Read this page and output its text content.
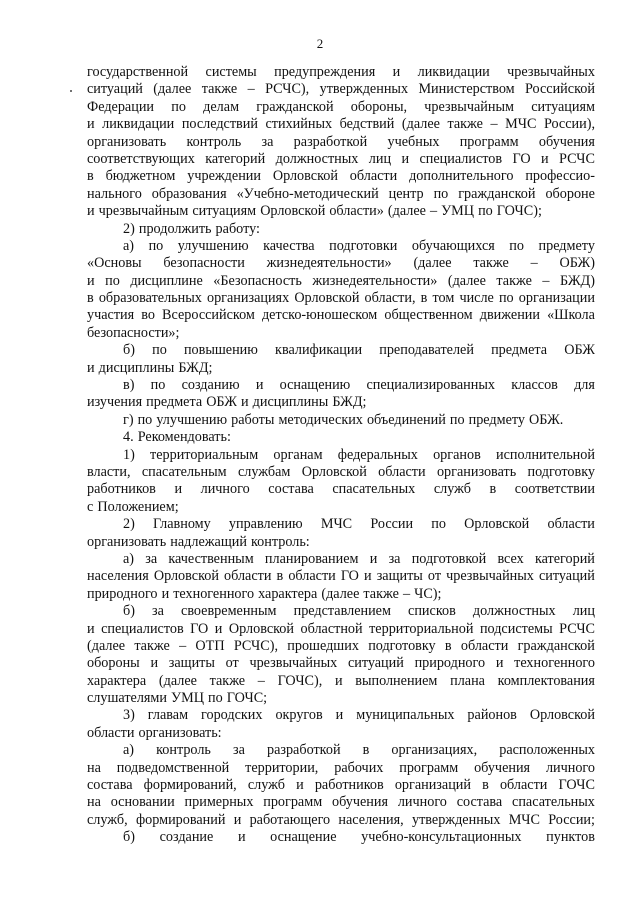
2
государственной системы предупреждения и ликвидации чрезвычайных
ситуаций (далее также – РСЧС), утвержденных Министерством Российской
Федерации по делам гражданской обороны, чрезвычайным ситуациям
и ликвидации последствий стихийных бедствий (далее также – МЧС России),
организовать контроль за разработкой учебных программ обучения
соответствующих категорий должностных лиц и специалистов ГО и РСЧС
в бюджетном учреждении Орловской области дополнительного профессио-
нального образования «Учебно-методический центр по гражданской обороне
и чрезвычайным ситуациям Орловской области» (далее – УМЦ по ГОЧС);
2) продолжить работу:
а) по улучшению качества подготовки обучающихся по предмету
«Основы безопасности жизнедеятельности» (далее также – ОБЖ)
и по дисциплине «Безопасность жизнедеятельности» (далее также – БЖД)
в образовательных организациях Орловской области, в том числе по организации
участия во Всероссийском детско-юношеском общественном движении «Школа
безопасности»;
б) по повышению квалификации преподавателей предмета ОБЖ
и дисциплины БЖД;
в) по созданию и оснащению специализированных классов для
изучения предмета ОБЖ и дисциплины БЖД;
г) по улучшению работы методических объединений по предмету ОБЖ.
4. Рекомендовать:
1) территориальным органам федеральных органов исполнительной
власти, спасательным службам Орловской области организовать подготовку
работников и личного состава спасательных служб в соответствии
с Положением;
2) Главному управлению МЧС России по Орловской области
организовать надлежащий контроль:
а) за качественным планированием и за подготовкой всех категорий
населения Орловской области в области ГО и защиты от чрезвычайных ситуаций
природного и техногенного характера (далее также – ЧС);
б) за своевременным представлением списков должностных лиц
и специалистов ГО и Орловской областной территориальной подсистемы РСЧС
(далее также – ОТП РСЧС), прошедших подготовку в области гражданской
обороны и защиты от чрезвычайных ситуаций природного и техногенного
характера (далее также – ГОЧС), и выполнением плана комплектования
слушателями УМЦ по ГОЧС;
3) главам городских округов и муниципальных районов Орловской
области организовать:
а) контроль за разработкой в организациях, расположенных
на подведомственной территории, рабочих программ обучения личного
состава формирований, служб и работников организаций в области ГОЧС
на основании примерных программ обучения личного состава спасательных
служб, формирований и работающего населения, утвержденных МЧС России;
б) создание и оснащение учебно-консультационных пунктов
